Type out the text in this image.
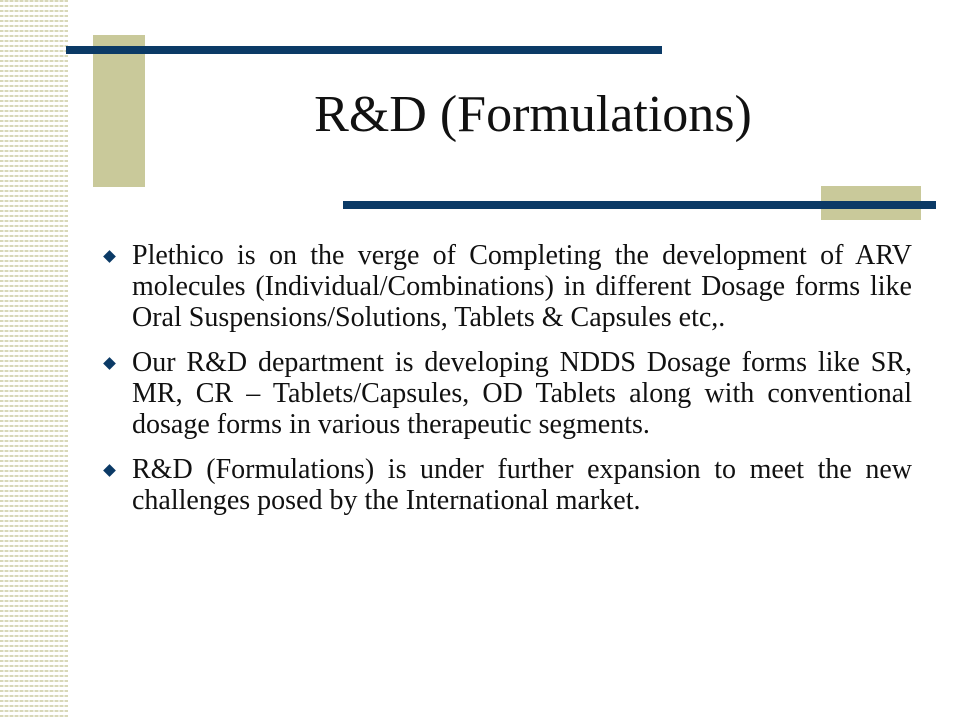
R&D (Formulations)
Plethico is on the verge of Completing the development of ARV molecules (Individual/Combinations) in different Dosage forms like Oral Suspensions/Solutions, Tablets & Capsules etc,.
Our R&D department is developing NDDS Dosage forms like SR, MR, CR – Tablets/Capsules, OD Tablets along with conventional dosage forms in various therapeutic segments.
R&D (Formulations) is under further expansion to meet the new challenges posed by the International market.
